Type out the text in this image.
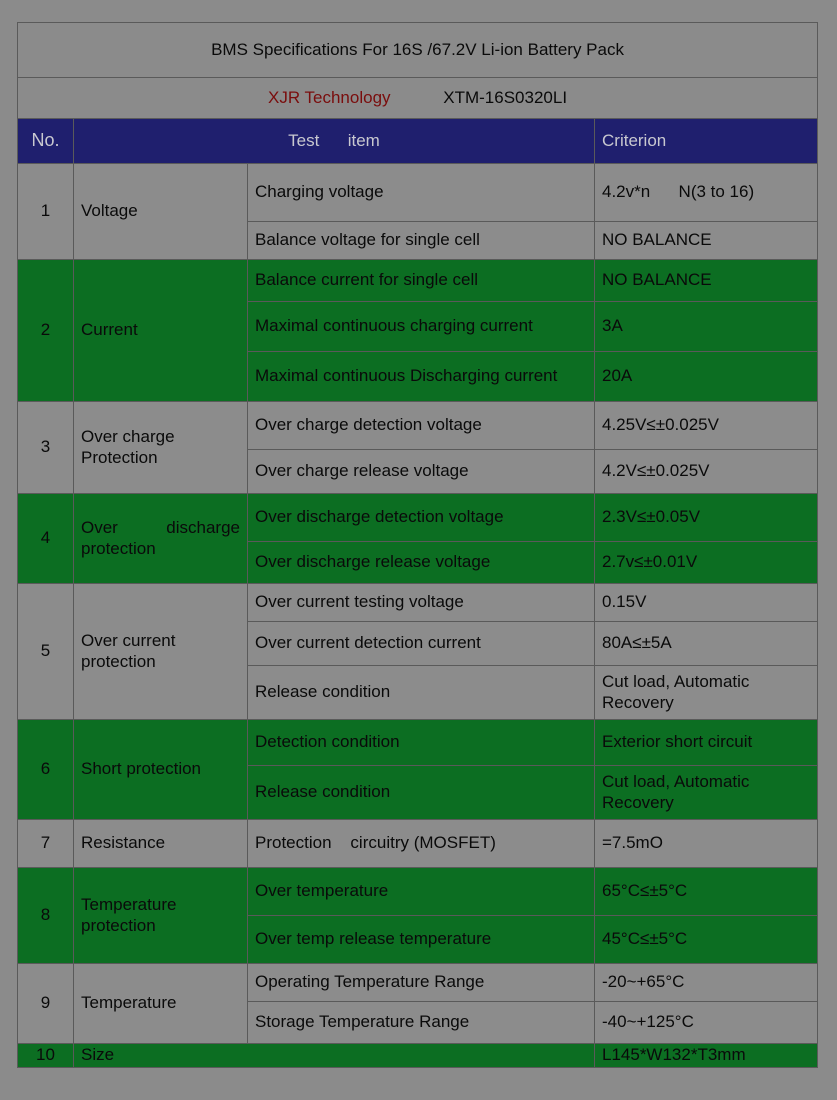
BMS Specifications For 16S /67.2V Li-ion Battery Pack			
XJR Technology XTM-16S0320LI			
No.	Test      item		Criterion
1	Voltage	Charging voltage	4.2v*n      N(3 to 16)
		Balance voltage for single cell	NO BALANCE
2	Current	Balance current for single cell	NO BALANCE
		Maximal continuous charging current	3A
		Maximal continuous Discharging current	20A
3	Over charge Protection	Over charge detection voltage	4.25V≤±0.025V
		Over charge release voltage	4.2V≤±0.025V
4	Over discharge protection	Over discharge detection voltage	2.3V≤±0.05V
		Over discharge release voltage	2.7v≤±0.01V
5	Over current protection	Over current testing voltage	0.15V
		Over current detection current	80A≤±5A
		Release condition	Cut load, Automatic Recovery
6	Short protection	Detection condition	Exterior short circuit
		Release condition	Cut load, Automatic Recovery
7	Resistance	Protection    circuitry (MOSFET)	=7.5mO
8	Temperature protection	Over temperature	65°C≤±5°C
		Over temp release temperature	45°C≤±5°C
9	Temperature	Operating Temperature Range	-20~+65°C
		Storage Temperature Range	-40~+125°C
10	Size		L145*W132*T3mm
